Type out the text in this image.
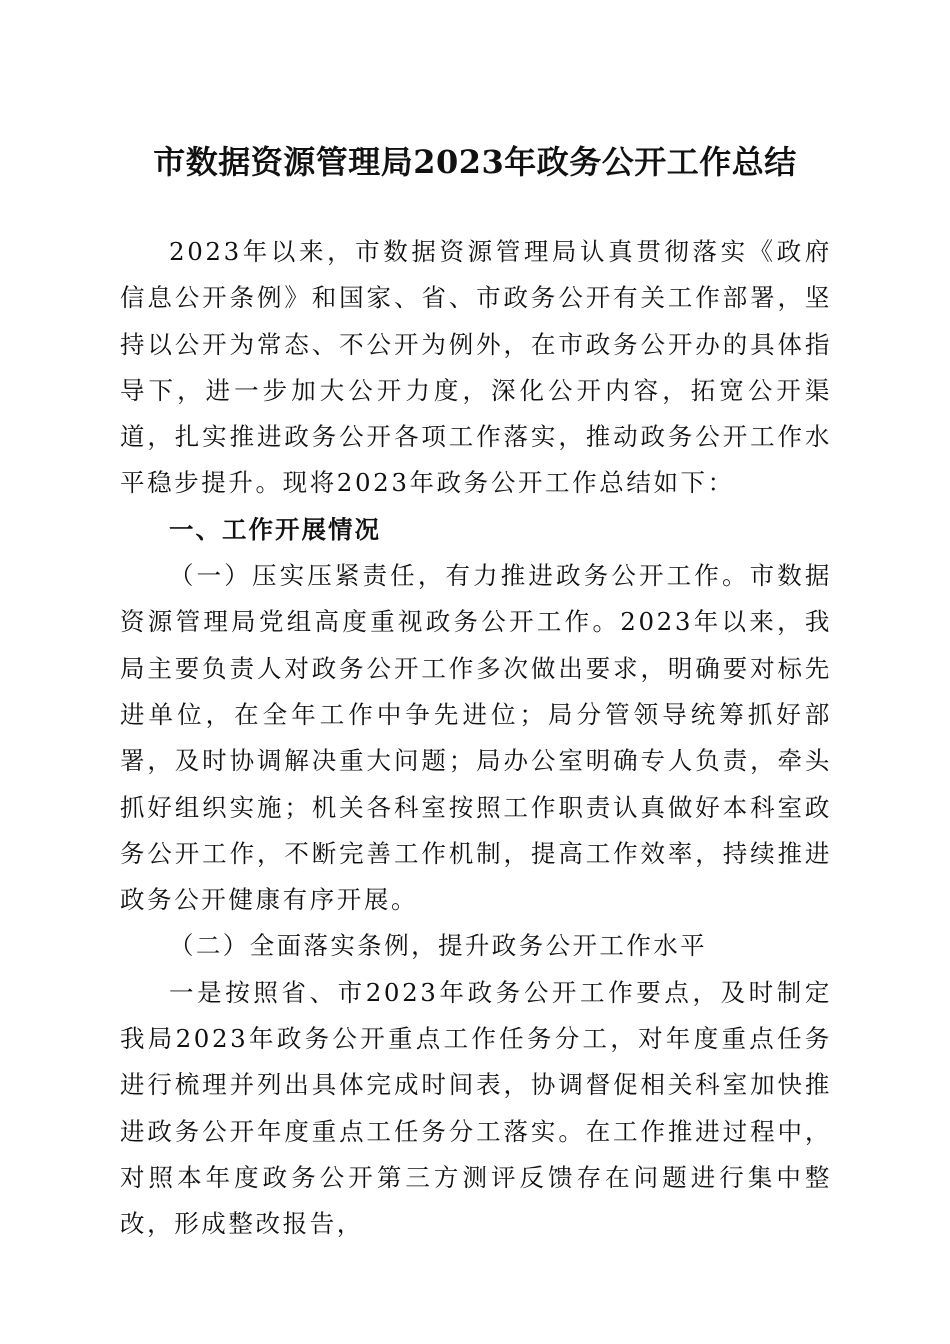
市数据资源管理局2023年政务公开工作总结

2023年以来，市数据资源管理局认真贯彻落实《政府信息公开条例》和国家、省、市政务公开有关工作部署，坚持以公开为常态、不公开为例外，在市政务公开办的具体指导下，进一步加大公开力度，深化公开内容，拓宽公开渠道，扎实推进政务公开各项工作落实，推动政务公开工作水平稳步提升。现将2023年政务公开工作总结如下：

一、工作开展情况

（一）压实压紧责任，有力推进政务公开工作。市数据资源管理局党组高度重视政务公开工作。2023年以来，我局主要负责人对政务公开工作多次做出要求，明确要对标先进单位，在全年工作中争先进位；局分管领导统筹抓好部署，及时协调解决重大问题；局办公室明确专人负责，牵头抓好组织实施；机关各科室按照工作职责认真做好本科室政务公开工作，不断完善工作机制，提高工作效率，持续推进政务公开健康有序开展。

（二）全面落实条例，提升政务公开工作水平

一是按照省、市2023年政务公开工作要点，及时制定我局2023年政务公开重点工作任务分工，对年度重点任务进行梳理并列出具体完成时间表，协调督促相关科室加快推进政务公开年度重点工任务分工落实。在工作推进过程中，对照本年度政务公开第三方测评反馈存在问题进行集中整改，形成整改报告，
